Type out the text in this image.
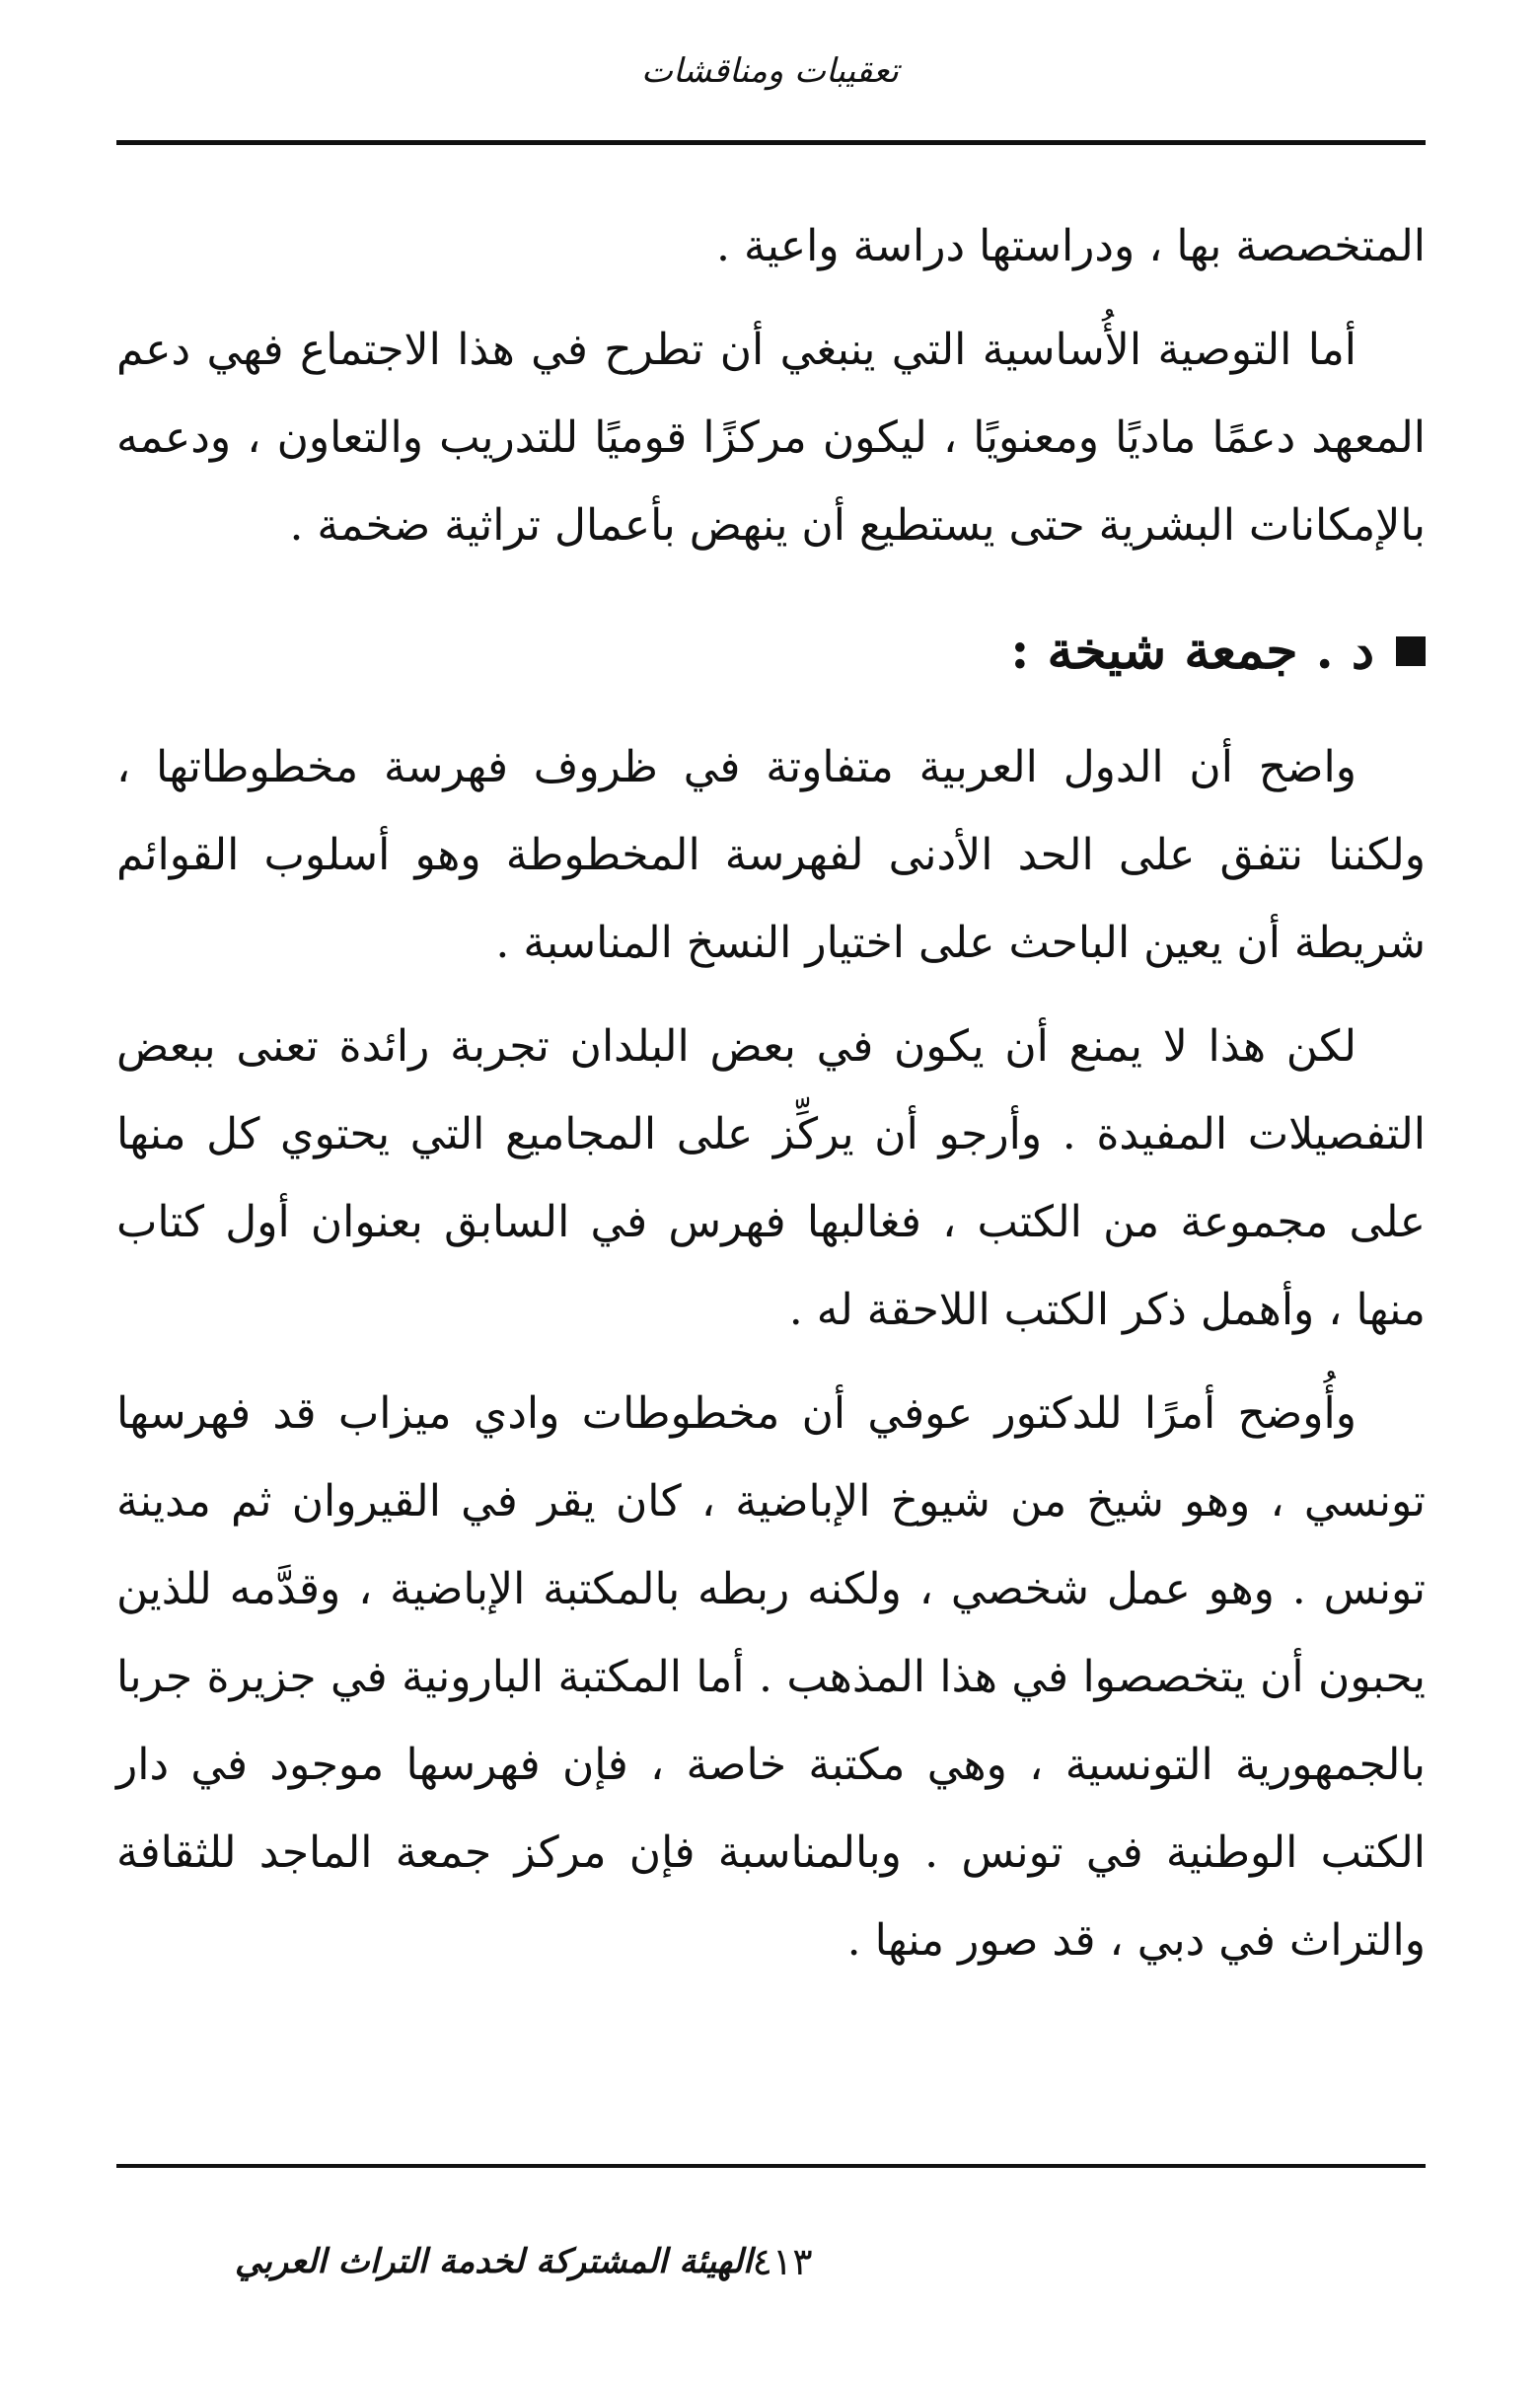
تعقيبات ومناقشات

المتخصصة بها ، ودراستها دراسة واعية .

أما التوصية الأُساسية التي ينبغي أن تطرح في هذا الاجتماع فهي دعم المعهد دعمًا ماديًا ومعنويًا ، ليكون مركزًا قوميًا للتدريب والتعاون ، ودعمه بالإمكانات البشرية حتى يستطيع أن ينهض بأعمال تراثية ضخمة .

د . جمعة شيخة :

واضح أن الدول العربية متفاوتة في ظروف فهرسة مخطوطاتها ، ولكننا نتفق على الحد الأدنى لفهرسة المخطوطة وهو أسلوب القوائم شريطة أن يعين الباحث على اختيار النسخ المناسبة .

لكن هذا لا يمنع أن يكون في بعض البلدان تجربة رائدة تعنى ببعض التفصيلات المفيدة . وأرجو أن يركِّز على المجاميع التي يحتوي كل منها على مجموعة من الكتب ، فغالبها فهرس في السابق بعنوان أول كتاب منها ، وأهمل ذكر الكتب اللاحقة له .

وأُوضح أمرًا للدكتور عوفي أن مخطوطات وادي ميزاب قد فهرسها تونسي ، وهو شيخ من شيوخ الإباضية ، كان يقر في القيروان ثم مدينة تونس . وهو عمل شخصي ، ولكنه ربطه بالمكتبة الإباضية ، وقدَّمه للذين يحبون أن يتخصصوا في هذا المذهب . أما المكتبة البارونية في جزيرة جربا بالجمهورية التونسية ، وهي مكتبة خاصة ، فإن فهرسها موجود في دار الكتب الوطنية في تونس . وبالمناسبة فإن مركز جمعة الماجد للثقافة والتراث في دبي ، قد صور منها .

الهيئة المشتركة لخدمة التراث العربي ٤١٣
